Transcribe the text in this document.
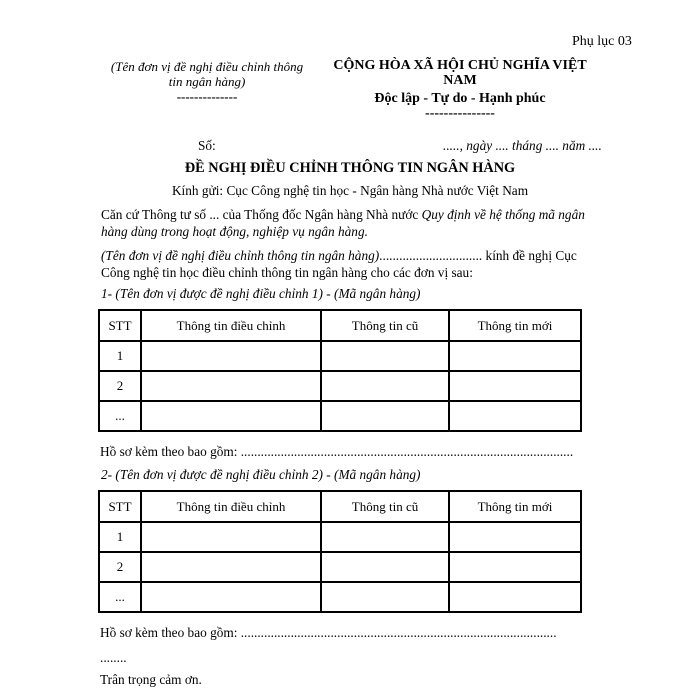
Phụ lục 03
(Tên đơn vị đề nghị điều chỉnh thông
tin ngân hàng)
--------------
CỘNG HÒA XÃ HỘI CHỦ NGHĨA VIỆT
NAM
Độc lập - Tự do - Hạnh phúc
---------------
Số:	....., ngày .... tháng .... năm ....
ĐỀ NGHỊ ĐIỀU CHỈNH THÔNG TIN NGÂN HÀNG
Kính gửi: Cục Công nghệ tin học - Ngân hàng Nhà nước Việt Nam
Căn cứ Thông tư số ... của Thống đốc Ngân hàng Nhà nước Quy định về hệ thống mã ngân
hàng dùng trong hoạt động, nghiệp vụ ngân hàng.
(Tên đơn vị đề nghị điều chỉnh thông tin ngân hàng)............................... kính đề nghị Cục
Công nghệ tin học điều chỉnh thông tin ngân hàng cho các đơn vị sau:
1- (Tên đơn vị được đề nghị điều chỉnh 1) - (Mã ngân hàng)
STT	Thông tin điều chỉnh	Thông tin cũ	Thông tin mới
1			
2			
...			
Hồ sơ kèm theo bao gồm: ....................................................................................................
2- (Tên đơn vị được đề nghị điều chỉnh 2) - (Mã ngân hàng)
STT	Thông tin điều chỉnh	Thông tin cũ	Thông tin mới
1			
2			
...			
Hồ sơ kèm theo bao gồm: ...............................................................................................
........
Trân trọng cảm ơn.
